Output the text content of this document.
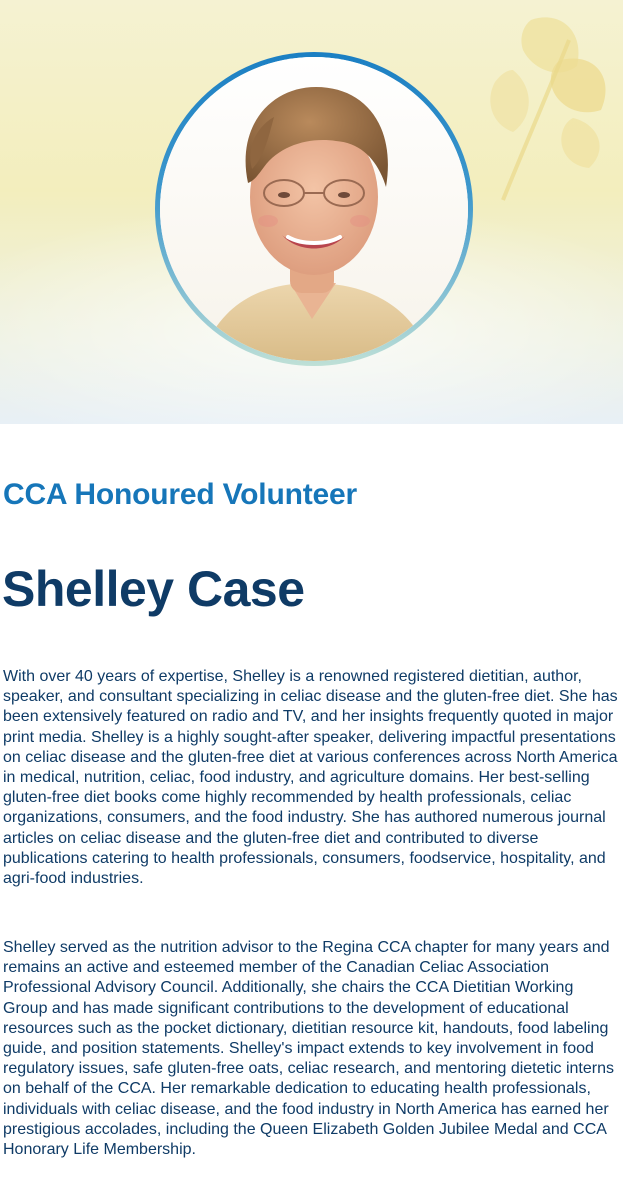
CCA Honoured Volunteer
Shelley Case

With over 40 years of expertise, Shelley is a renowned registered dietitian, author, speaker, and consultant specializing in celiac disease and the gluten-free diet. She has been extensively featured on radio and TV, and her insights frequently quoted in major print media. Shelley is a highly sought-after speaker, delivering impactful presentations on celiac disease and the gluten-free diet at various conferences across North America in medical, nutrition, celiac, food industry, and agriculture domains. Her best-selling gluten-free diet books come highly recommended by health professionals, celiac organizations, consumers, and the food industry. She has authored numerous journal articles on celiac disease and the gluten-free diet and contributed to diverse publications catering to health professionals, consumers, foodservice, hospitality, and agri-food industries.

Shelley served as the nutrition advisor to the Regina CCA chapter for many years and remains an active and esteemed member of the Canadian Celiac Association Professional Advisory Council. Additionally, she chairs the CCA Dietitian Working Group and has made significant contributions to the development of educational resources such as the pocket dictionary, dietitian resource kit, handouts, food labeling guide, and position statements. Shelley's impact extends to key involvement in food regulatory issues, safe gluten-free oats, celiac research, and mentoring dietetic interns on behalf of the CCA. Her remarkable dedication to educating health professionals, individuals with celiac disease, and the food industry in North America has earned her prestigious accolades, including the Queen Elizabeth Golden Jubilee Medal and CCA Honorary Life Membership.
